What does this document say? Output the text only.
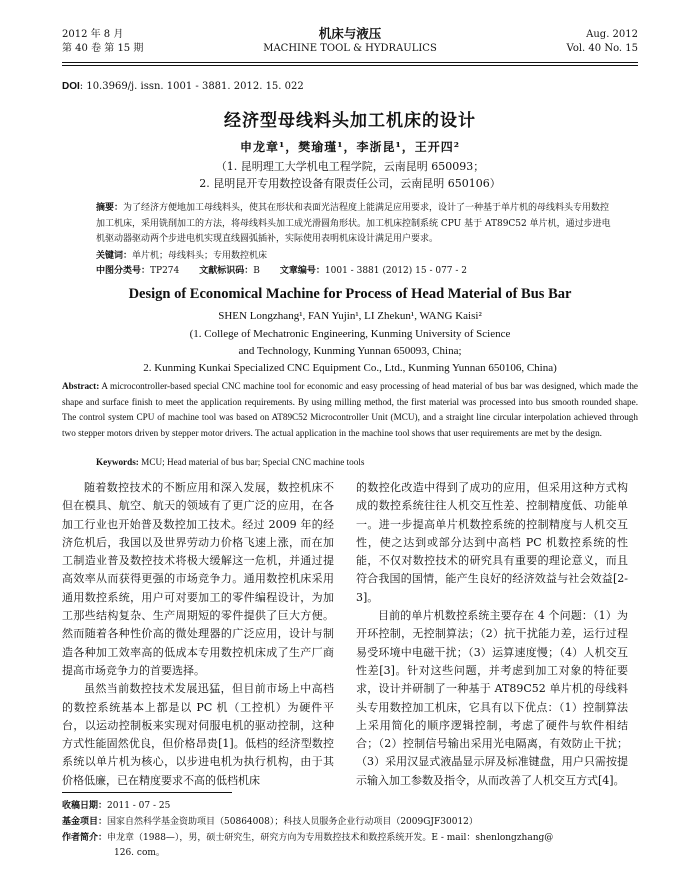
2012 年 8 月
第 40 卷 第 15 期
机床与液压
MACHINE TOOL & HYDRAULICS
Aug. 2012
Vol. 40 No. 15
DOI: 10.3969/j. issn. 1001 - 3881. 2012. 15. 022
经济型母线料头加工机床的设计
申龙章¹，樊瑜瑾¹，李浙昆¹，王开四²
（1. 昆明理工大学机电工程学院，云南昆明 650093；
2. 昆明昆开专用数控设备有限责任公司，云南昆明 650106）
摘要：为了经济方便地加工母线料头，使其在形状和表面光洁程度上能满足应用要求，设计了一种基于单片机的母线料头专用数控加工机床，采用铣削加工的方法，将母线料头加工成光滑圆角形状。加工机床控制系统 CPU 基于 AT89C52 单片机，通过步进电机驱动器驱动两个步进电机实现直线圆弧插补，实际使用表明机床设计满足用户要求。
关键词：单片机；母线料头；专用数控机床
中图分类号：TP274 文献标识码：B 文章编号：1001 - 3881 (2012) 15 - 077 - 2
Design of Economical Machine for Process of Head Material of Bus Bar
SHEN Longzhang¹, FAN Yujin¹, LI Zhekun¹, WANG Kaisi²
(1. College of Mechatronic Engineering, Kunming University of Science
and Technology, Kunming Yunnan 650093, China;
2. Kunming Kunkai Specialized CNC Equipment Co., Ltd., Kunming Yunnan 650106, China)
Abstract: A microcontroller-based special CNC machine tool for economic and easy processing of head material of bus bar was designed, which made the shape and surface finish to meet the application requirements. By using milling method, the first material was processed into bus smooth rounded shape. The control system CPU of machine tool was based on AT89C52 Microcontroller Unit (MCU), and a straight line circular interpolation achieved through two stepper motors driven by stepper motor drivers. The actual application in the machine tool shows that user requirements are met by the design.
Keywords: MCU; Head material of bus bar; Special CNC machine tools

随着数控技术的不断应用和深入发展，数控机床不但在模具、航空、航天的领域有了更广泛的应用，在各加工行业也开始普及数控加工技术。经过 2009 年的经济危机后，我国以及世界劳动力价格飞速上涨，而在加工制造业普及数控技术将极大缓解这一危机，并通过提高效率从而获得更强的市场竞争力。通用数控机床采用通用数控系统，用户可对要加工的零件编程设计，为加工那些结构复杂、生产周期短的零件提供了巨大方便。然而随着各种性价高的微处理器的广泛应用，设计与制造各种加工效率高的低成本专用数控机床成了生产厂商提高市场竞争力的首要选择。

虽然当前数控技术发展迅猛，但目前市场上中高档的数控系统基本上都是以 PC 机（工控机）为硬件平台，以运动控制板来实现对伺服电机的驱动控制，这种方式性能固然优良，但价格昂贵[1]。低档的经济型数控系统以单片机为核心，以步进电机为执行机构，由于其价格低廉，已在精度要求不高的低档机床

的数控化改造中得到了成功的应用，但采用这种方式构成的数控系统往往人机交互性差、控制精度低、功能单一。进一步提高单片机数控系统的控制精度与人机交互性，使之达到或部分达到中高档 PC 机数控系统的性能，不仅对数控技术的研究具有重要的理论意义，而且符合我国的国情，能产生良好的经济效益与社会效益[2-3]。

目前的单片机数控系统主要存在 4 个问题：（1）为开环控制，无控制算法；（2）抗干扰能力差，运行过程易受环境中电磁干扰；（3）运算速度慢；（4）人机交互性差[3]。针对这些问题，并考虑到加工对象的特征要求，设计并研制了一种基于 AT89C52 单片机的母线料头专用数控加工机床，它具有以下优点：（1）控制算法上采用简化的顺序逻辑控制，考虑了硬件与软件相结合；（2）控制信号输出采用光电隔离，有效防止干扰；（3）采用汉显式液晶显示屏及标准键盘，用户只需按提示输入加工参数及指令，从而改善了人机交互方式[4]。

收稿日期：2011 - 07 - 25
基金项目：国家自然科学基金资助项目（50864008）；科技人员服务企业行动项目（2009GJF30012）
作者简介：申龙章（1988—），男，硕士研究生，研究方向为专用数控技术和数控系统开发。E - mail：shenlongzhang@
126. com。
